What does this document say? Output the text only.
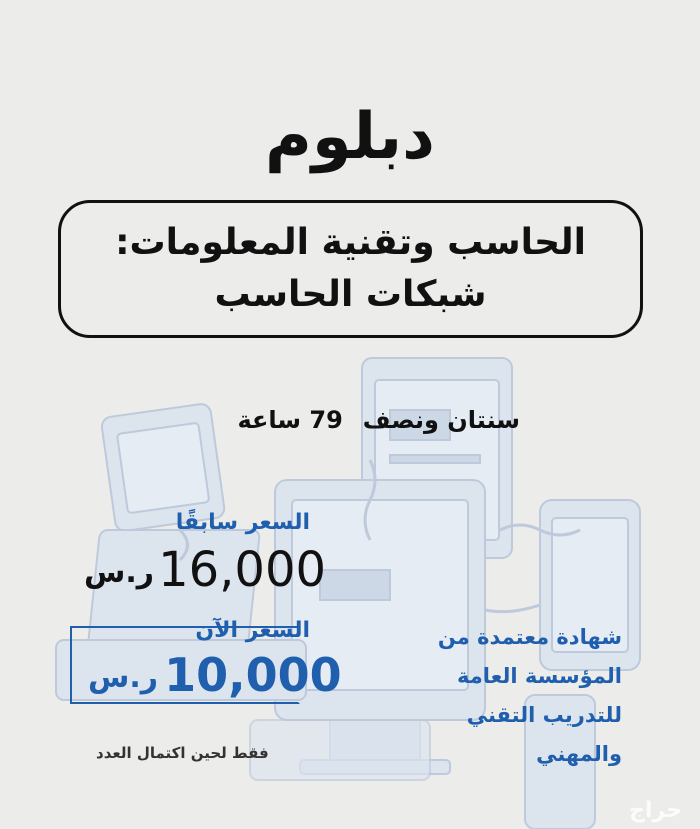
دبلوم
الحاسب وتقنية المعلومات:
شبكات الحاسب
سنتان ونصف
79 ساعة
السعر سابقًا
ر.س 16,000
السعر الآن
ر.س 10,000
فقط لحين اكتمال العدد
شهادة معتمدة من
المؤسسة العامة
للتدريب التقني والمهني
حراج
